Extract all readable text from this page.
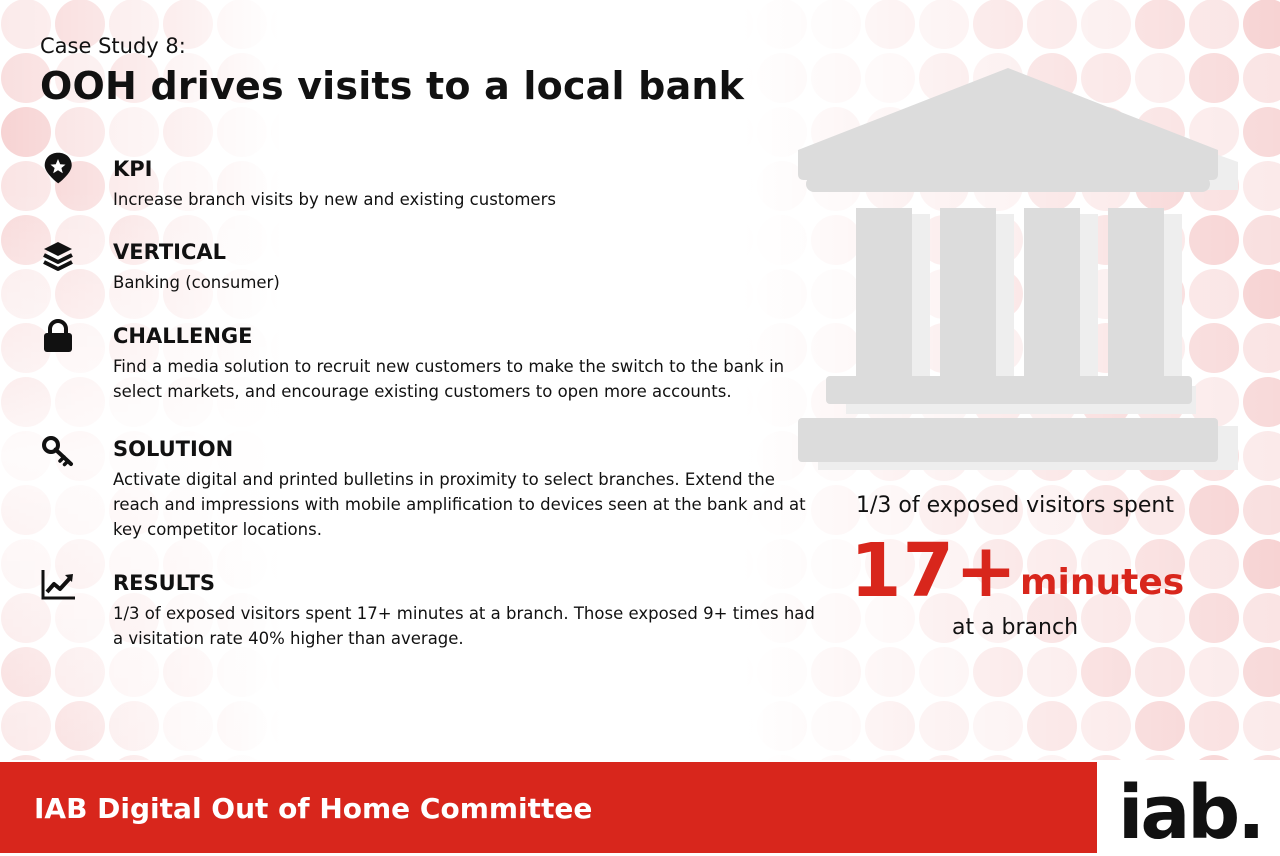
Case Study 8:
OOH drives visits to a local bank
KPI
Increase branch visits by new and existing customers
VERTICAL
Banking (consumer)
CHALLENGE
Find a media solution to recruit new customers to make the switch to the bank in select markets, and encourage existing customers to open more accounts.
SOLUTION
Activate digital and printed bulletins in proximity to select branches. Extend the reach and impressions with mobile amplification to devices seen at the bank and at key competitor locations.
RESULTS
1/3 of exposed visitors spent 17+ minutes at a branch. Those exposed 9+ times had a visitation rate 40% higher than average.
1/3 of exposed visitors spent
17+ minutes
at a branch
IAB Digital Out of Home Committee	iab.
